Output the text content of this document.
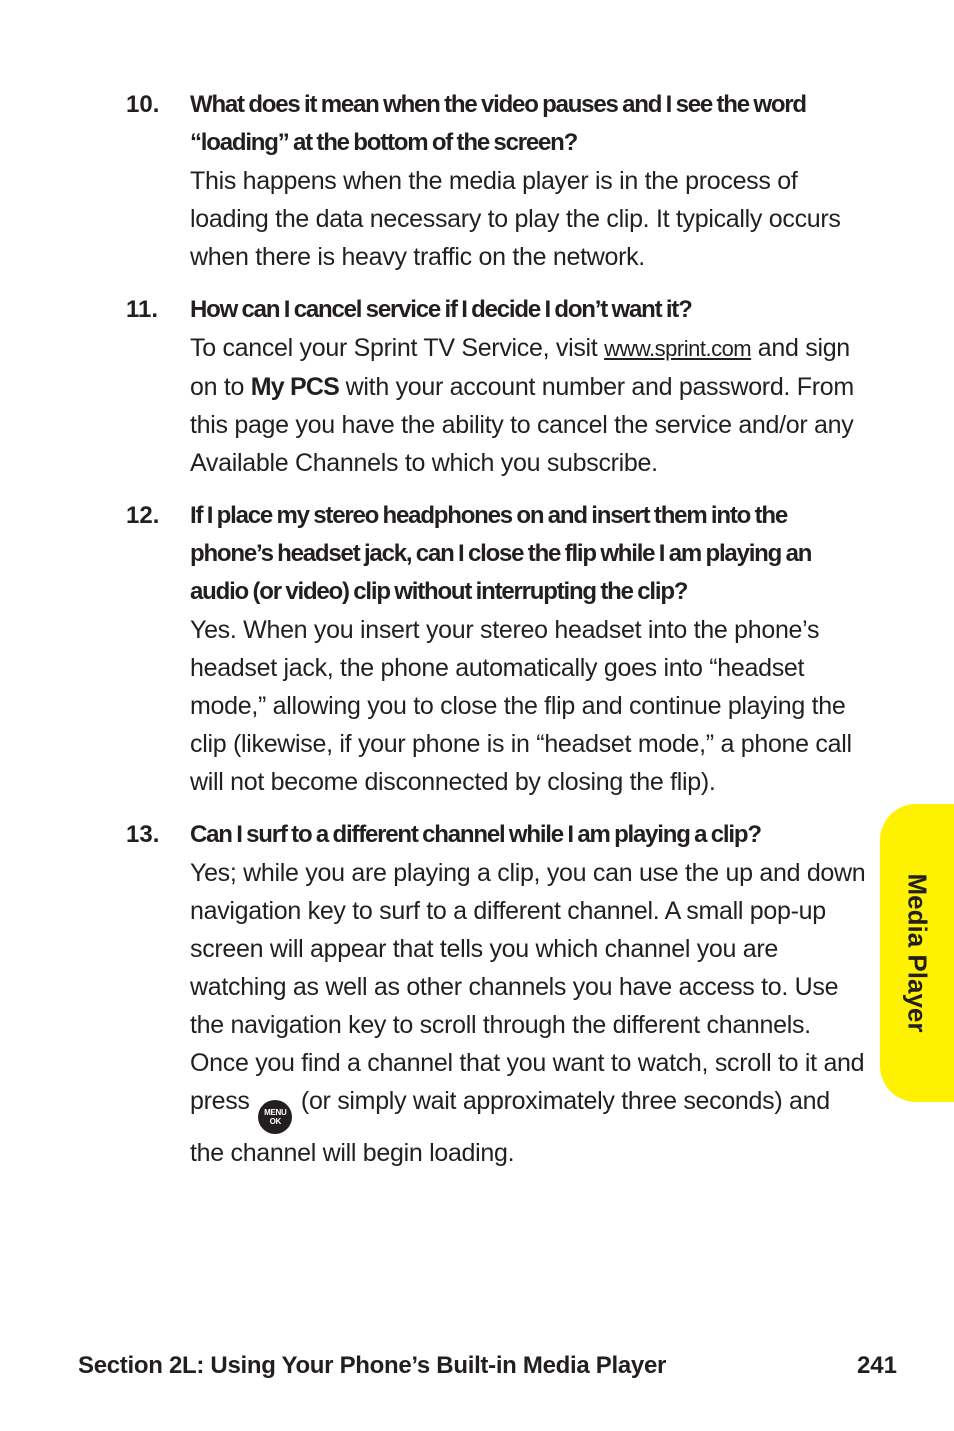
10. What does it mean when the video pauses and I see the word “loading” at the bottom of the screen?
This happens when the media player is in the process of loading the data necessary to play the clip. It typically occurs when there is heavy traffic on the network.
11. How can I cancel service if I decide I don’t want it?
To cancel your Sprint TV Service, visit www.sprint.com and sign on to My PCS with your account number and password. From this page you have the ability to cancel the service and/or any Available Channels to which you subscribe.
12. If I place my stereo headphones on and insert them into the phone’s headset jack, can I close the flip while I am playing an audio (or video) clip without interrupting the clip?
Yes. When you insert your stereo headset into the phone’s headset jack, the phone automatically goes into “headset mode,” allowing you to close the flip and continue playing the clip (likewise, if your phone is in “headset mode,” a phone call will not become disconnected by closing the flip).
13. Can I surf to a different channel while I am playing a clip?
Yes; while you are playing a clip, you can use the up and down navigation key to surf to a different channel. A small pop-up screen will appear that tells you which channel you are watching as well as other channels you have access to. Use the navigation key to scroll through the different channels. Once you find a channel that you want to watch, scroll to it and press MENU
OK
(or simply wait approximately three seconds) and the channel will begin loading.
Media Player
Section 2L: Using Your Phone’s Built-in Media Player	241
